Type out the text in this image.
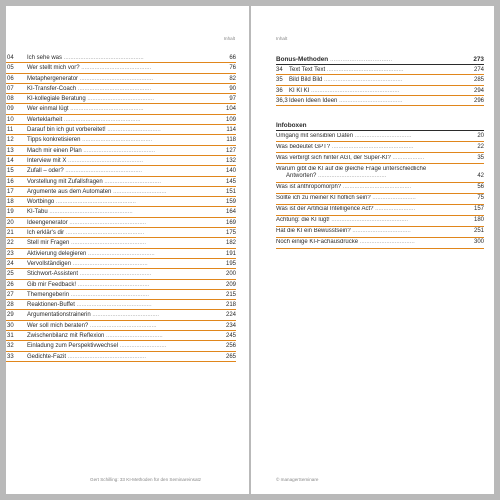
Inhalt
04	Ich sehe was ................................................	66
05	Wer stellt mich vor? ..........................................	76
06	Metaphergenerator ............................................	82
07	KI-Transfer-Coach ............................................	90
08	KI-kollegiale Beratung ........................................	97
09	Wer einmal lügt ............................................	104
10	Werteklarheit ..............................................	109
11	Darauf bin ich gut vorbereitet! ................................	114
12	Tipps konkretisieren ..........................................	118
13	Mach mir einen Plan ...........................................	127
14	Interview mit X .............................................	132
15	Zufall – oder? ..............................................	140
16	Vorstellung mit Zufallsfragen ..................................	145
17	Argumente aus dem Automaten ................................	151
18	Wortbingo ................................................	159
19	KI-Tabu ..................................................	164
20	Ideengenerator ..............................................	169
21	Ich erklär's dir ...............................................	175
22	Stell mir Fragen .............................................	182
23	Aktivierung delegieren ........................................	191
24	Vervollständigen .............................................	195
25	Stichwort-Assistent ...........................................	200
26	Gib mir Feedback! ...........................................	209
27	Themengeberin ...............................................	215
28	Reaktionen-Buffet .............................................	218
29	Argumentationstrainerin ........................................	224
30	Wer soll mich beraten? ........................................	234
31	Zwischenbilanz mit Reflexion ..................................	245
32	Einladung zum Perspektivwechsel ............................	256
33	Gedichte-Fazit ...............................................	265
Gert Schilling: 33 KI-Methoden für den Seminareinsatz
Inhalt
Bonus-Methoden ...................................	273
34	Text Text Text ..............................................	274
35	Bild Bild Bild ...............................................	285
36	KI KI KI .....................................................	294
36,3 Ideen Ideen Ideen ......................................	296
Infoboxen
Umgang mit sensiblen Daten ..................................	20
Was bedeutet GPT? .................................................	22
Was verbirgt sich hinter AGI, der Super-KI? ...................	35
Warum gibt die KI auf die gleiche Frage unterschiedliche
Antworten? .........................................	42
Was ist anthropomorph? .........................................	56
Sollte ich zu meiner KI höflich sein? ..........................	75
Was ist der Artificial Intelligence Act? ........................	157
Achtung: die KI lügt! ..............................................	180
Hat die KI ein Bewusstsein? ...................................	251
Noch einige KI-Fachausdrücke .................................	300
© managerSeminare
